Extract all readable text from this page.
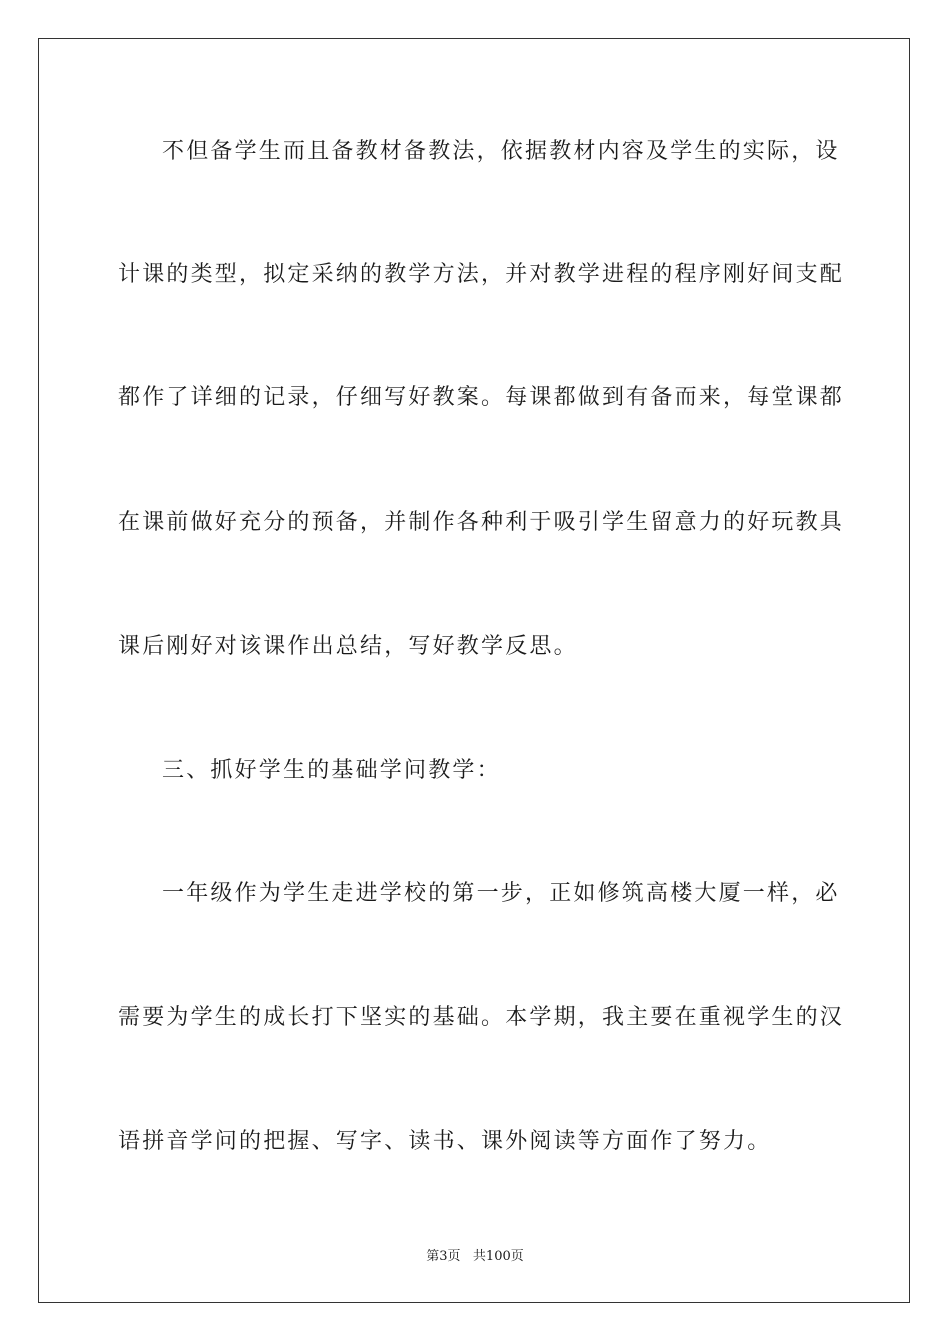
不但备学生而且备教材备教法，依据教材内容及学生的实际，设
计课的类型，拟定采纳的教学方法，并对教学进程的程序刚好间支配
都作了详细的记录，仔细写好教案。每课都做到有备而来，每堂课都
在课前做好充分的预备，并制作各种利于吸引学生留意力的好玩教具
课后刚好对该课作出总结，写好教学反思。
三、抓好学生的基础学问教学：
一年级作为学生走进学校的第一步，正如修筑高楼大厦一样，必
需要为学生的成长打下坚实的基础。本学期，我主要在重视学生的汉
语拼音学问的把握、写字、读书、课外阅读等方面作了努力。
第3页   共100页
